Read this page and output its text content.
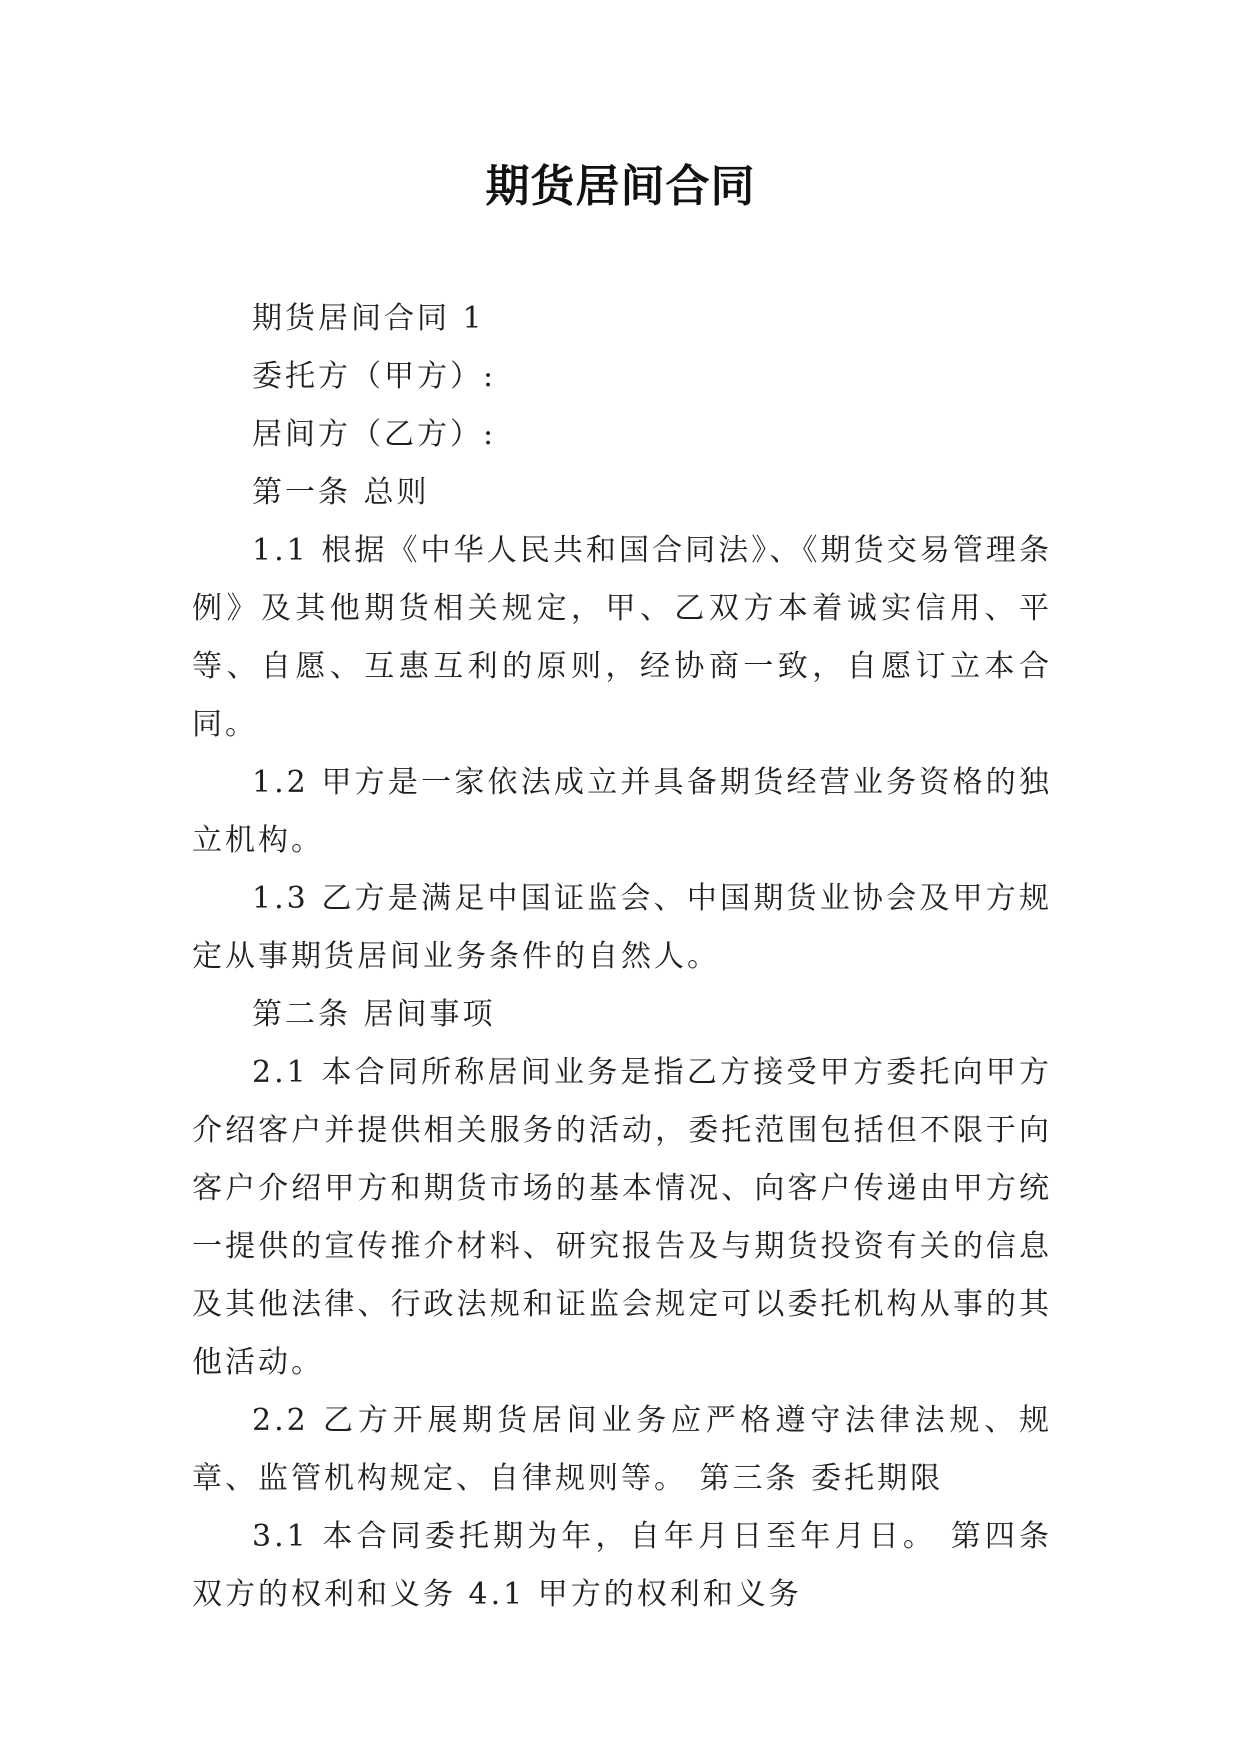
期货居间合同

期货居间合同 1

委托方（甲方）:

居间方（乙方）:

第一条 总则

1.1 根据《中华人民共和国合同法》、《期货交易管理条例》及其他期货相关规定，甲、乙双方本着诚实信用、平等、自愿、互惠互利的原则，经协商一致，自愿订立本合同。

1.2 甲方是一家依法成立并具备期货经营业务资格的独立机构。

1.3 乙方是满足中国证监会、中国期货业协会及甲方规定从事期货居间业务条件的自然人。

第二条 居间事项

2.1 本合同所称居间业务是指乙方接受甲方委托向甲方介绍客户并提供相关服务的活动，委托范围包括但不限于向客户介绍甲方和期货市场的基本情况、向客户传递由甲方统一提供的宣传推介材料、研究报告及与期货投资有关的信息及其他法律、行政法规和证监会规定可以委托机构从事的其他活动。

2.2 乙方开展期货居间业务应严格遵守法律法规、规章、监管机构规定、自律规则等。 第三条 委托期限

3.1 本合同委托期为年，自年月日至年月日。 第四条 双方的权利和义务 4.1 甲方的权利和义务
